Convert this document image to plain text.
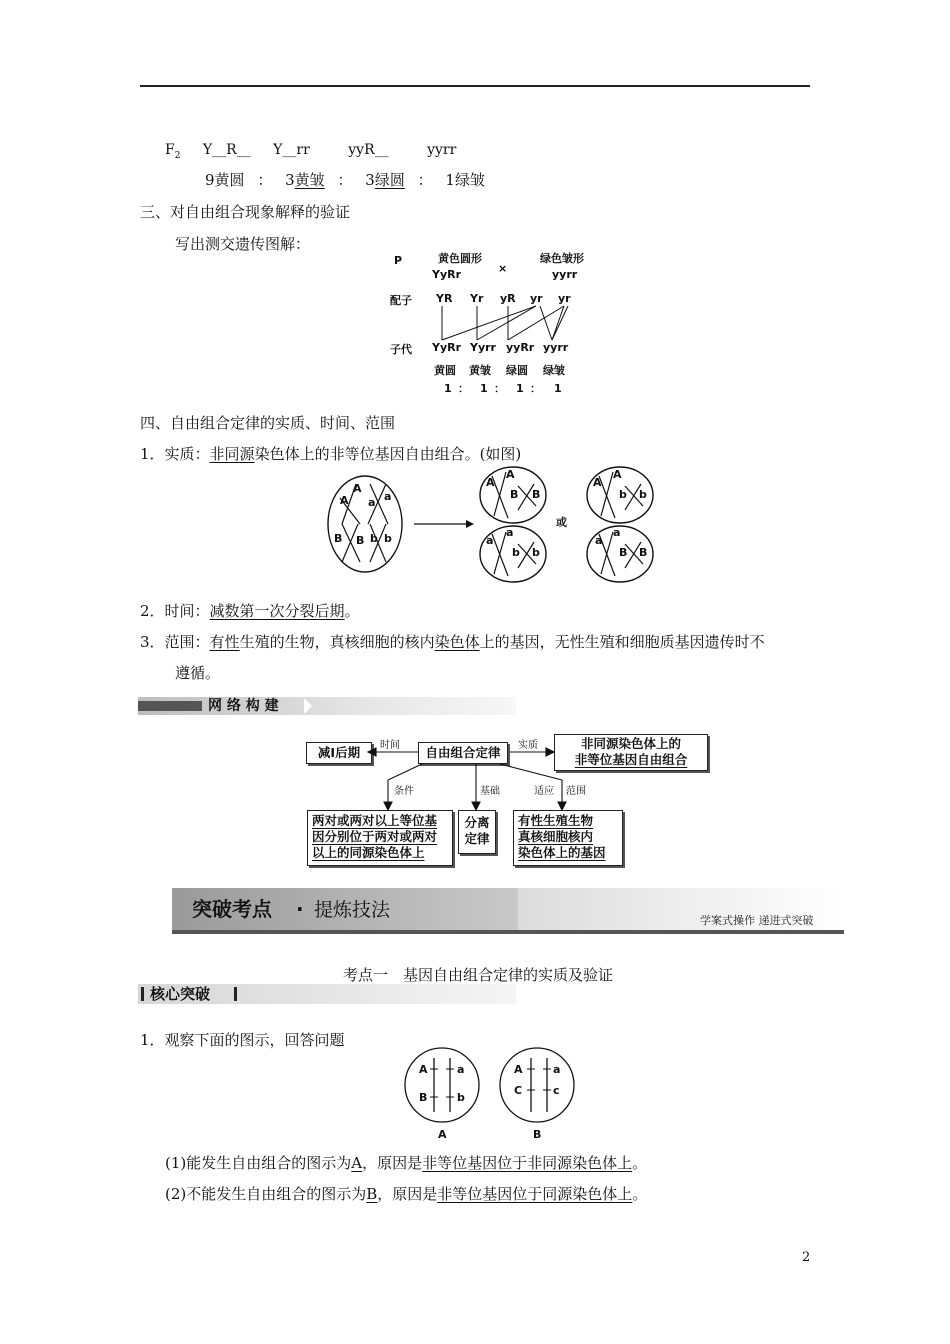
$F_2$ Y__R__ Y__rr	yyR__	yyrr
9黄圆 ： 3黄皱 ： 3绿圆 ： 1绿皱
三、对自由组合现象解释的验证
写出测交遗传图解：
P	黄色圆形
YyRr	×
绿色皱形
yyrr
配子 YR Yr yR yr yr
子代 YyRr Yyrr yyRr yyrr
黄圆 黄皱 绿圆 绿皱
1 ： 1 ： 1 ： 1
四、自由组合定律的实质、时间、范围
1．实质：非同源染色体上的非等位基因自由组合。(如图)
A
A
a a
B B b b
A
A
B B
a
a
b b
或
A
A
b b
a
a
B B
2．时间：减数第一次分裂后期。
3．范围：有性生殖的生物，真核细胞的核内染色体上的基因，无性生殖和细胞质基因遗传时不
遵循。
网 络 构 建
减Ⅰ后期	自由组合定律
非同源染色体上的
非等位基因自由组合
两对或两对以上等位基
因分别位于两对或两对
以上的同源染色体上
分离
定律
有性生殖生物
真核细胞核内
染色体上的基因
时间	实质
条件	基础	适应 范围
突破考点 · 提炼技法	学案式操作 递进式突破
考点一　基因自由组合定律的实质及验证
核心突破
1．观察下面的图示，回答问题
A	a
B	b
A	a
C	c
A	B
(1)能发生自由组合的图示为A，原因是非等位基因位于非同源染色体上。
(2)不能发生自由组合的图示为B，原因是非等位基因位于同源染色体上。
2
